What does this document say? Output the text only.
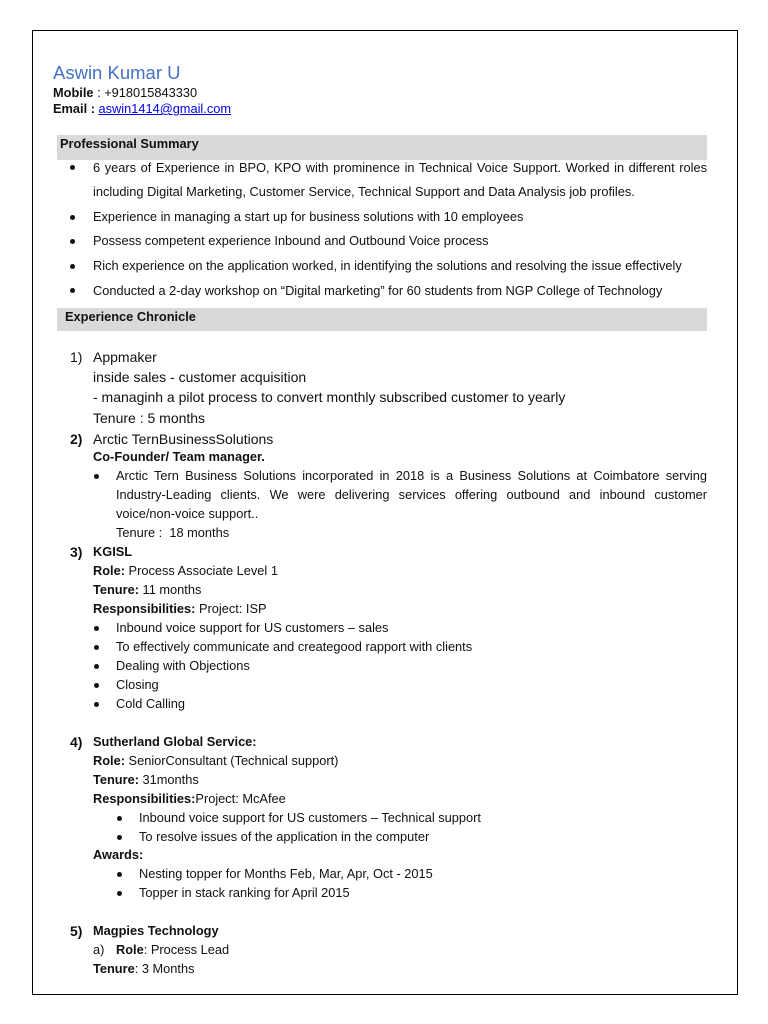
Aswin Kumar U
Mobile : +918015843330
Email : aswin1414@gmail.com
Professional Summary
6 years of Experience in BPO, KPO with prominence in Technical Voice Support. Worked in different roles including Digital Marketing, Customer Service, Technical Support and Data Analysis job profiles.
Experience in managing a start up for business solutions with 10 employees
Possess competent experience Inbound and Outbound Voice process
Rich experience on the application worked, in identifying the solutions and resolving the issue effectively
Conducted a 2-day workshop on “Digital marketing” for 60 students from NGP College of Technology
Experience Chronicle
1) Appmaker
inside sales - customer acquisition
- managinh a pilot process to convert monthly subscribed customer to yearly
Tenure : 5 months
2) Arctic TernBusinessSolutions
Co-Founder/ Team manager.
Arctic Tern Business Solutions incorporated in 2018 is a Business Solutions at Coimbatore serving Industry-Leading clients. We were delivering services offering outbound and inbound customer voice/non-voice support..
Tenure :  18 months
3) KGISL
Role: Process Associate Level 1
Tenure: 11 months
Responsibilities: Project: ISP
Inbound voice support for US customers – sales
To effectively communicate and creategood rapport with clients
Dealing with Objections
Closing
Cold Calling
4) Sutherland Global Service:
Role: SeniorConsultant (Technical support)
Tenure: 31months
Responsibilities:Project: McAfee
Inbound voice support for US customers – Technical support
To resolve issues of the application in the computer
Awards:
Nesting topper for Months Feb, Mar, Apr, Oct - 2015
Topper in stack ranking for April 2015
5) Magpies Technology
a) Role: Process Lead
Tenure: 3 Months
